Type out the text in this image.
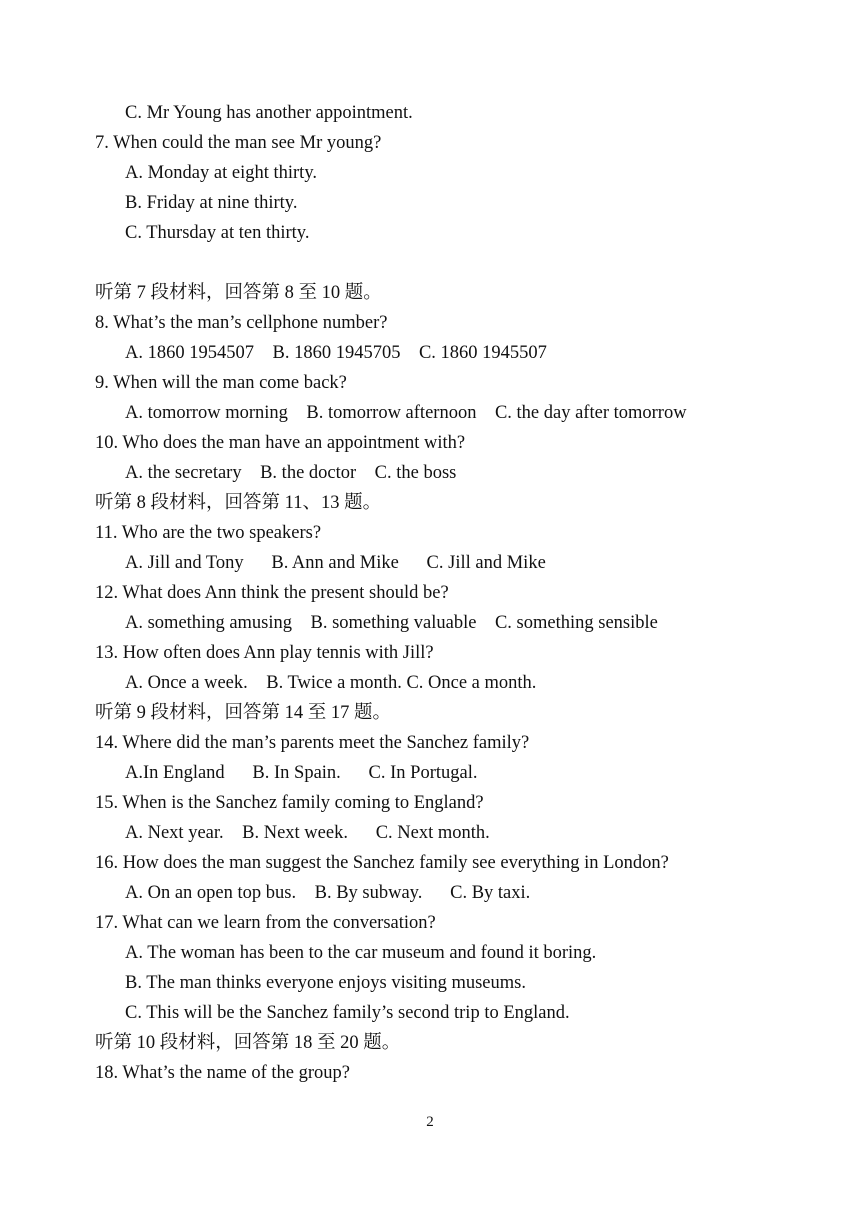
C. Mr Young has another appointment.
7. When could the man see Mr young?
A. Monday at eight thirty.
B. Friday at nine thirty.
C. Thursday at ten thirty.
听第 7 段材料，回答第 8 至 10 题。
8. What’s the man’s cellphone number?
A. 1860 1954507    B. 1860 1945705    C. 1860 1945507
9. When will the man come back?
A. tomorrow morning    B. tomorrow afternoon    C. the day after tomorrow
10. Who does the man have an appointment with?
A. the secretary    B. the doctor    C. the boss
听第 8 段材料，回答第 11、13 题。
11. Who are the two speakers?
A. Jill and Tony      B. Ann and Mike      C. Jill and Mike
12. What does Ann think the present should be?
A. something amusing    B. something valuable    C. something sensible
13. How often does Ann play tennis with Jill?
A. Once a week.    B. Twice a month. C. Once a month.
听第 9 段材料，回答第 14 至 17 题。
14. Where did the man’s parents meet the Sanchez family?
A.In England      B. In Spain.      C. In Portugal.
15. When is the Sanchez family coming to England?
A. Next year.    B. Next week.      C. Next month.
16. How does the man suggest the Sanchez family see everything in London?
A. On an open top bus.    B. By subway.      C. By taxi.
17. What can we learn from the conversation?
A. The woman has been to the car museum and found it boring.
B. The man thinks everyone enjoys visiting museums.
C. This will be the Sanchez family’s second trip to England.
听第 10 段材料，回答第 18 至 20 题。
18. What’s the name of the group?
2
